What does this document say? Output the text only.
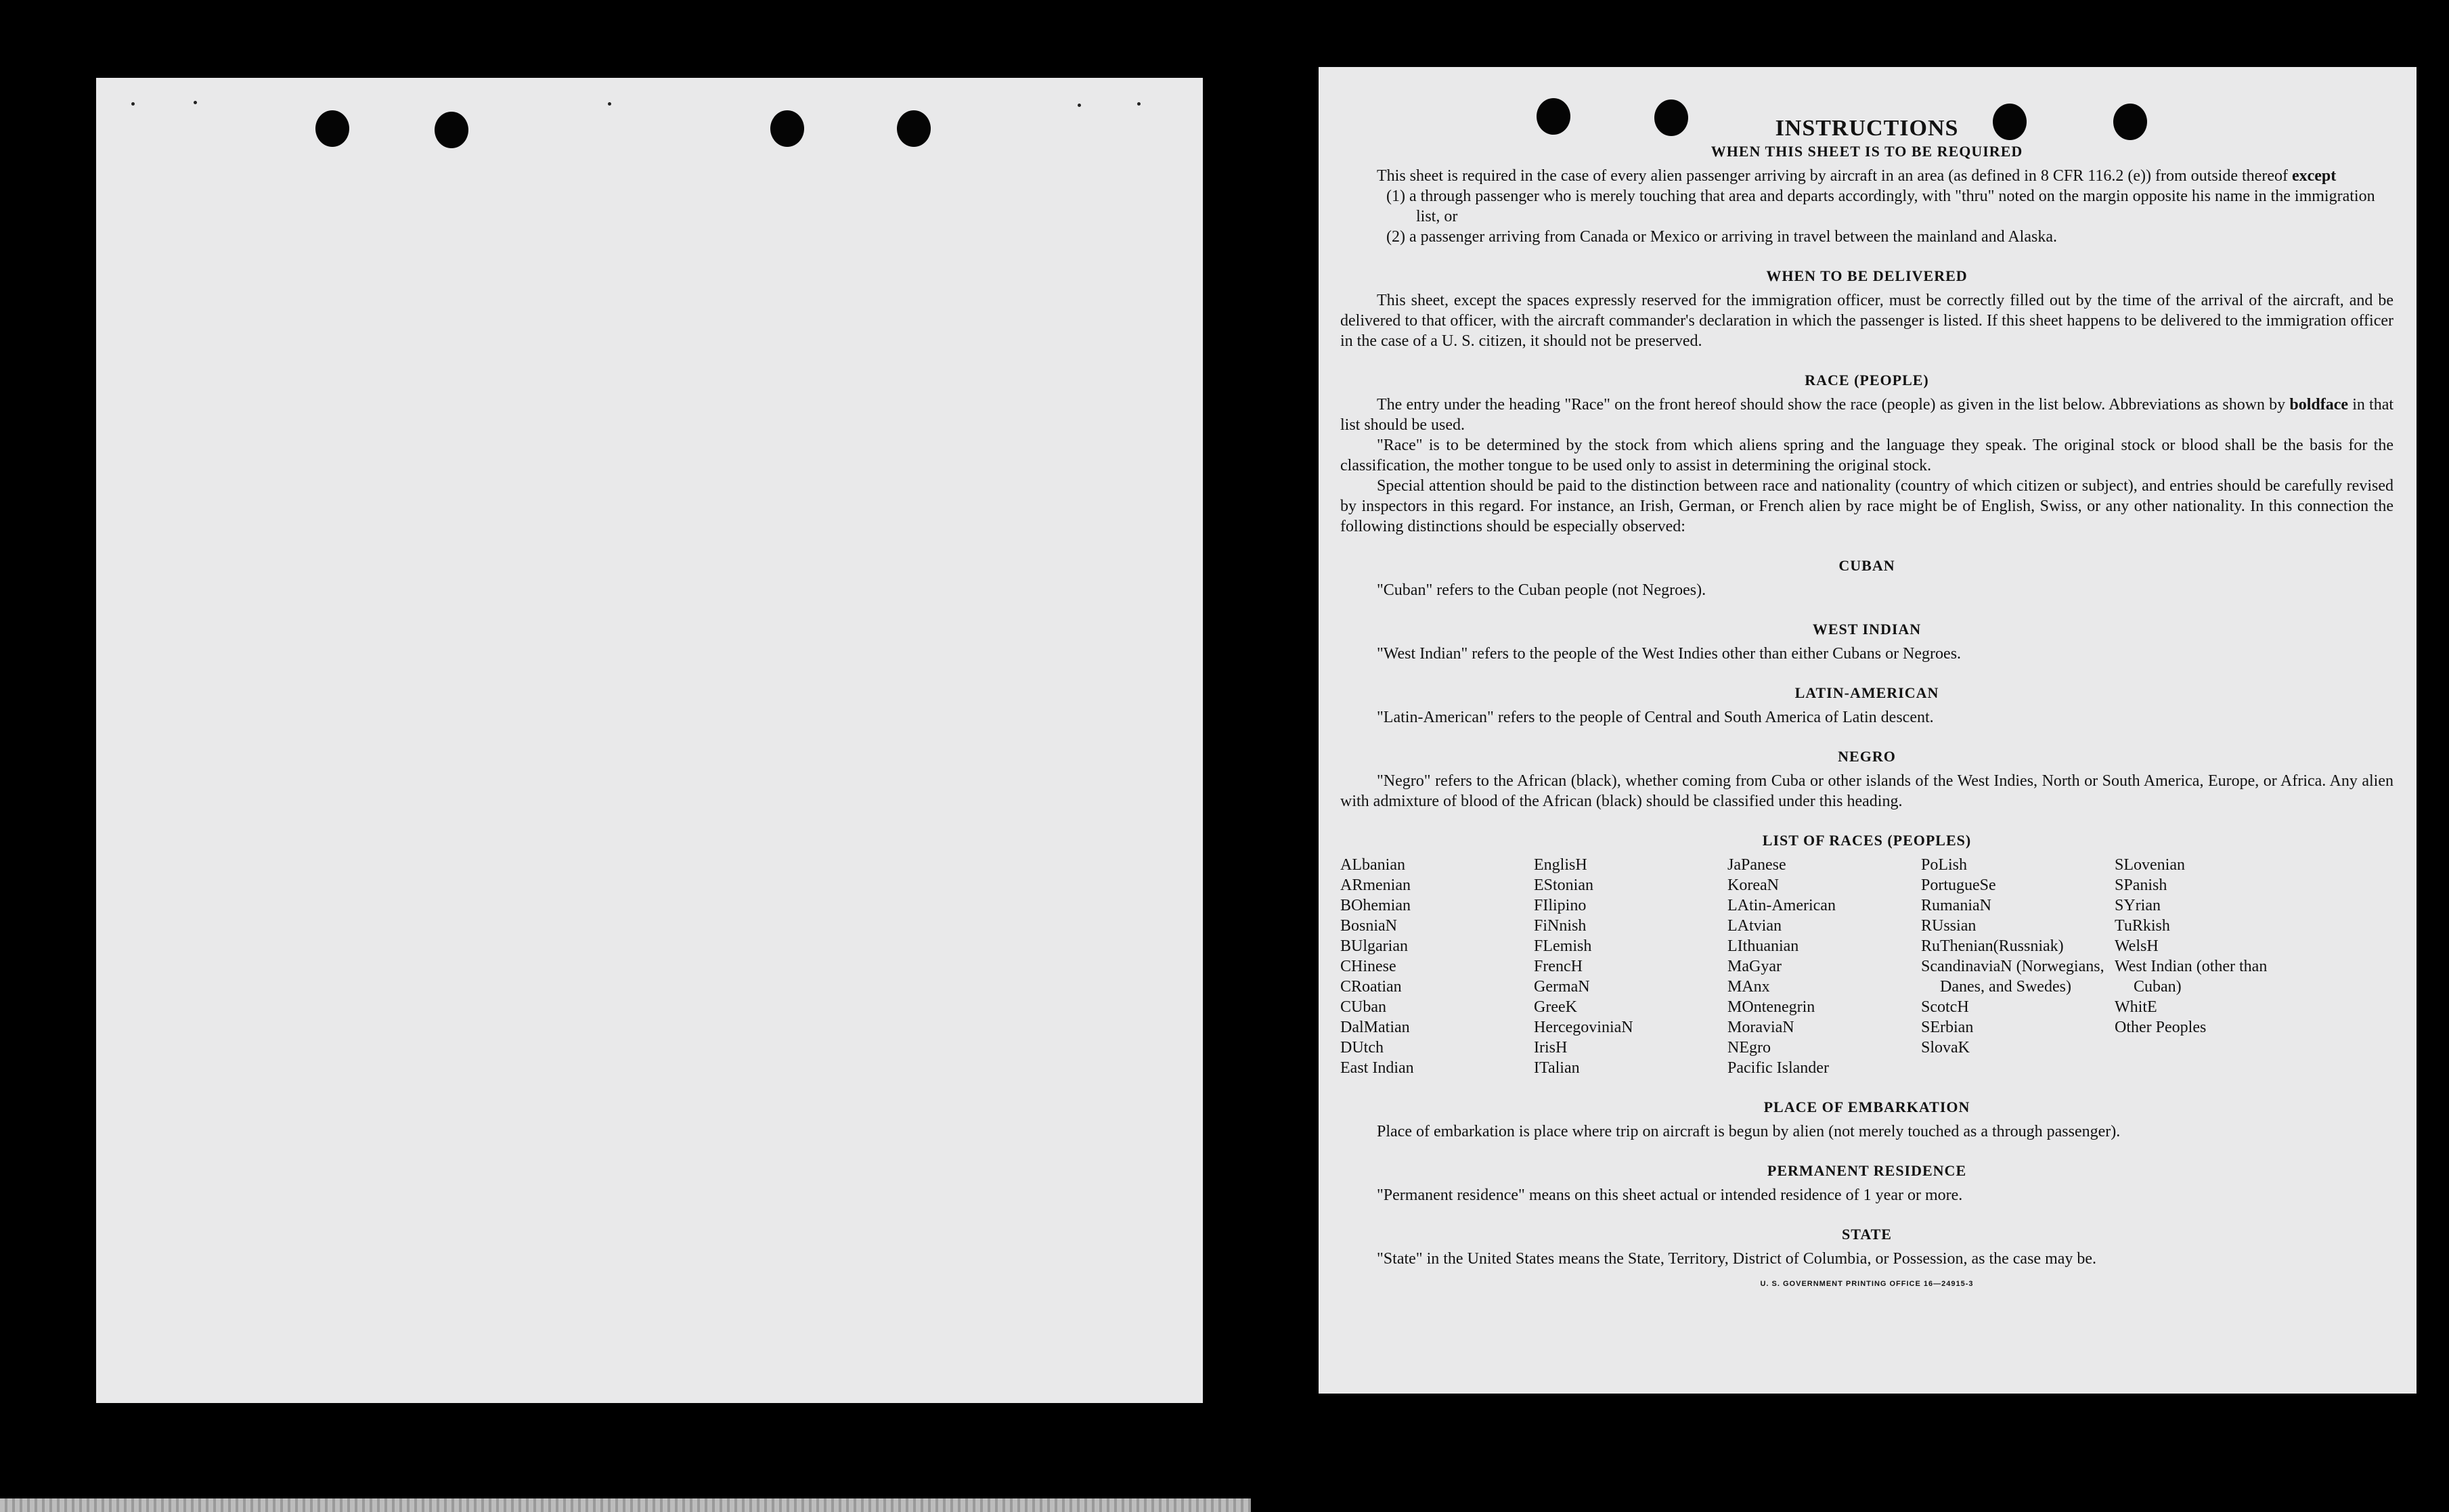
INSTRUCTIONS
WHEN THIS SHEET IS TO BE REQUIRED

This sheet is required in the case of every alien passenger arriving by aircraft in an area (as defined in 8 CFR 116.2 (e)) from outside thereof except

(1) a through passenger who is merely touching that area and departs accordingly, with "thru" noted on the margin opposite his name in the immigration list, or

(2) a passenger arriving from Canada or Mexico or arriving in travel between the mainland and Alaska.

WHEN TO BE DELIVERED

This sheet, except the spaces expressly reserved for the immigration officer, must be correctly filled out by the time of the arrival of the aircraft, and be delivered to that officer, with the aircraft commander's declaration in which the passenger is listed. If this sheet happens to be delivered to the immigration officer in the case of a U. S. citizen, it should not be preserved.

RACE (PEOPLE)

The entry under the heading "Race" on the front hereof should show the race (people) as given in the list below. Abbreviations as shown by boldface in that list should be used.

"Race" is to be determined by the stock from which aliens spring and the language they speak. The original stock or blood shall be the basis for the classification, the mother tongue to be used only to assist in determining the original stock.

Special attention should be paid to the distinction between race and nationality (country of which citizen or subject), and entries should be carefully revised by inspectors in this regard. For instance, an Irish, German, or French alien by race might be of English, Swiss, or any other nationality. In this connection the following distinctions should be especially observed:

CUBAN

"Cuban" refers to the Cuban people (not Negroes).

WEST INDIAN

"West Indian" refers to the people of the West Indies other than either Cubans or Negroes.

LATIN-AMERICAN

"Latin-American" refers to the people of Central and South America of Latin descent.

NEGRO

"Negro" refers to the African (black), whether coming from Cuba or other islands of the West Indies, North or South America, Europe, or Africa. Any alien with admixture of blood of the African (black) should be classified under this heading.

LIST OF RACES (PEOPLES)
ALbanian
ARmenian
BOhemian
BosniaN
BUlgarian
CHinese
CRoatian
CUban
DalMatian
DUtch
East Indian
EnglisH
EStonian
FIlipino
FiNnish
FLemish
FrencH
GermaN
GreeK
HercegoviniaN
IrisH
ITalian
JaPanese
KoreaN
LAtin-American
LAtvian
LIthuanian
MaGyar
MAnx
MOntenegrin
MoraviaN
NEgro
Pacific Islander
PoLish
PortugueSe
RumaniaN
RUssian
RuThenian(Russniak)
ScandinaviaN (Norwegians, Danes, and Swedes)
ScotcH
SErbian
SlovaK
SLovenian
SPanish
SYrian
TuRkish
WelsH
West Indian (other than Cuban)
WhitE
Other Peoples
PLACE OF EMBARKATION

Place of embarkation is place where trip on aircraft is begun by alien (not merely touched as a through passenger).

PERMANENT RESIDENCE

"Permanent residence" means on this sheet actual or intended residence of 1 year or more.

STATE

"State" in the United States means the State, Territory, District of Columbia, or Possession, as the case may be.

U. S. GOVERNMENT PRINTING OFFICE 16—24915-3
